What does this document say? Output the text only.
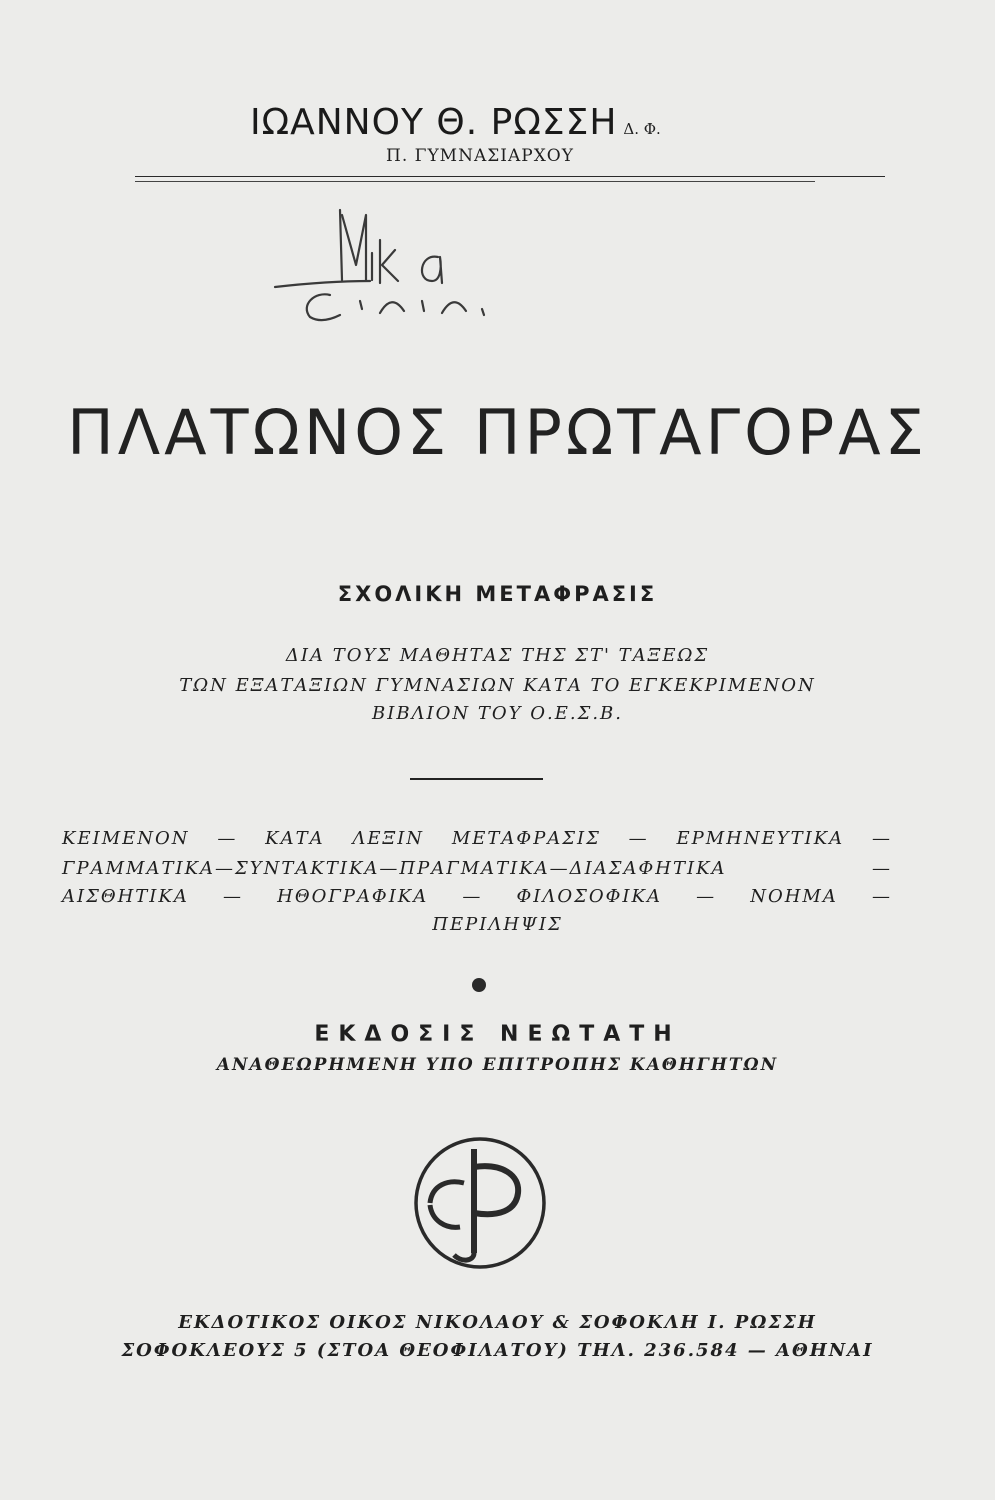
ΙΩΑΝΝΟΥ Θ. ΡΩΣΣΗ Δ. Φ.
Π. ΓΥΜΝΑΣΙΑΡΧΟΥ
ΠΛΑΤΩΝΟΣ ΠΡΩΤΑΓΟΡΑΣ
ΣΧΟΛΙΚΗ ΜΕΤΑΦΡΑΣΙΣ
ΔΙΑ ΤΟΥΣ ΜΑΘΗΤΑΣ ΤΗΣ ΣΤ' ΤΑΞΕΩΣ
ΤΩΝ ΕΞΑΤΑΞΙΩΝ ΓΥΜΝΑΣΙΩΝ ΚΑΤΑ ΤΟ ΕΓΚΕΚΡΙΜΕΝΟΝ
ΒΙΒΛΙΟΝ ΤΟΥ Ο.Ε.Σ.Β.
ΚΕΙΜΕΝΟΝ — ΚΑΤΑ ΛΕΞΙΝ ΜΕΤΑΦΡΑΣΙΣ — ΕΡΜΗΝΕΥΤΙΚΑ —
ΓΡΑΜΜΑΤΙΚΑ—ΣΥΝΤΑΚΤΙΚΑ—ΠΡΑΓΜΑΤΙΚΑ—ΔΙΑΣΑΦΗΤΙΚΑ —
ΑΙΣΘΗΤΙΚΑ — ΗΘΟΓΡΑΦΙΚΑ — ΦΙΛΟΣΟΦΙΚΑ — ΝΟΗΜΑ —
ΠΕΡΙΛΗΨΙΣ
ΕΚΔΟΣΙΣ ΝΕΩΤΑΤΗ
ΑΝΑΘΕΩΡΗΜΕΝΗ ΥΠΟ ΕΠΙΤΡΟΠΗΣ ΚΑΘΗΓΗΤΩΝ
ΕΚΔΟΤΙΚΟΣ ΟΙΚΟΣ ΝΙΚΟΛΑΟΥ & ΣΟΦΟΚΛΗ Ι. ΡΩΣΣΗ
ΣΟΦΟΚΛΕΟΥΣ 5 (ΣΤΟΑ ΘΕΟΦΙΛΑΤΟΥ) ΤΗΛ. 236.584 — ΑΘΗΝΑΙ
